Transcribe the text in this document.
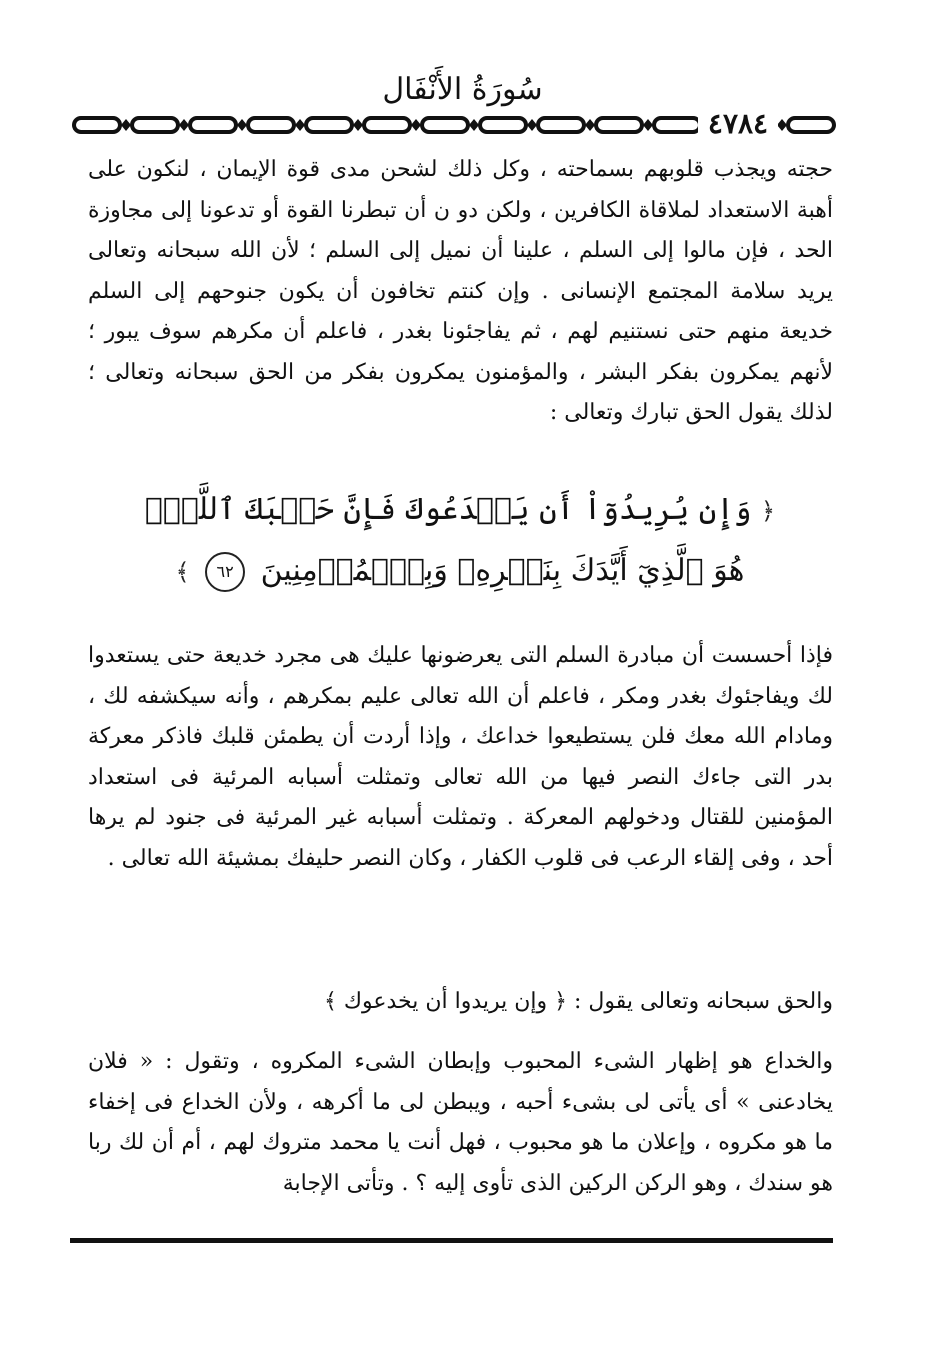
سُورَةُ الأَنْفَال
٤٧٨٤

حجته ويجذب قلوبهم بسماحته ، وكل ذلك لشحن مدى قوة الإيمان ، لنكون على أهبة الاستعداد لملاقاة الكافرين ، ولكن دو ن أن تبطرنا القوة أو تدعونا إلى مجاوزة الحد ، فإن مالوا إلى السلم ، علينا أن نميل إلى السلم ؛ لأن الله سبحانه وتعالى يريد سلامة المجتمع الإنسانى . وإن كنتم تخافون أن يكون جنوحهم إلى السلم خديعة منهم حتى نستنيم لهم ، ثم يفاجئونا بغدر ، فاعلم أن مكرهم سوف يبور ؛ لأنهم يمكرون بفكر البشر ، والمؤمنون يمكرون بفكر من الحق سبحانه وتعالى ؛ لذلك يقول الحق تبارك وتعالى :

﴿ وَإِن يُرِيدُوٓاْ أَن يَخۡدَعُوكَ فَإِنَّ حَسۡبَكَ ٱللَّهُۚ
هُوَ ٱلَّذِيٓ أَيَّدَكَ بِنَصۡرِهِۦ وَبِٱلۡمُؤۡمِنِينَ ٦٢ ﴾

فإذا أحسست أن مبادرة السلم التى يعرضونها عليك هى مجرد خديعة حتى يستعدوا لك ويفاجئوك بغدر ومكر ، فاعلم أن الله تعالى عليم بمكرهم ، وأنه سيكشفه لك ، ومادام الله معك فلن يستطيعوا خداعك ، وإذا أردت أن يطمئن قلبك فاذكر معركة بدر التى جاءك النصر فيها من الله تعالى وتمثلت أسبابه المرئية فى استعداد المؤمنين للقتال ودخولهم المعركة . وتمثلت أسبابه غير المرئية فى جنود لم يرها أحد ، وفى إلقاء الرعب فى قلوب الكفار ، وكان النصر حليفك بمشيئة الله تعالى .

والحق سبحانه وتعالى يقول : ﴿ وإن يريدوا أن يخدعوك ﴾

والخداع هو إظهار الشىء المحبوب وإبطان الشىء المكروه ، وتقول : « فلان يخادعنى » أى يأتى لى بشىء أحبه ، ويبطن لى ما أكرهه ، ولأن الخداع فى إخفاء ما هو مكروه ، وإعلان ما هو محبوب ، فهل أنت يا محمد متروك لهم ، أم أن لك ربا هو سندك ، وهو الركن الركين الذى تأوى إليه ؟ . وتأتى الإجابة
